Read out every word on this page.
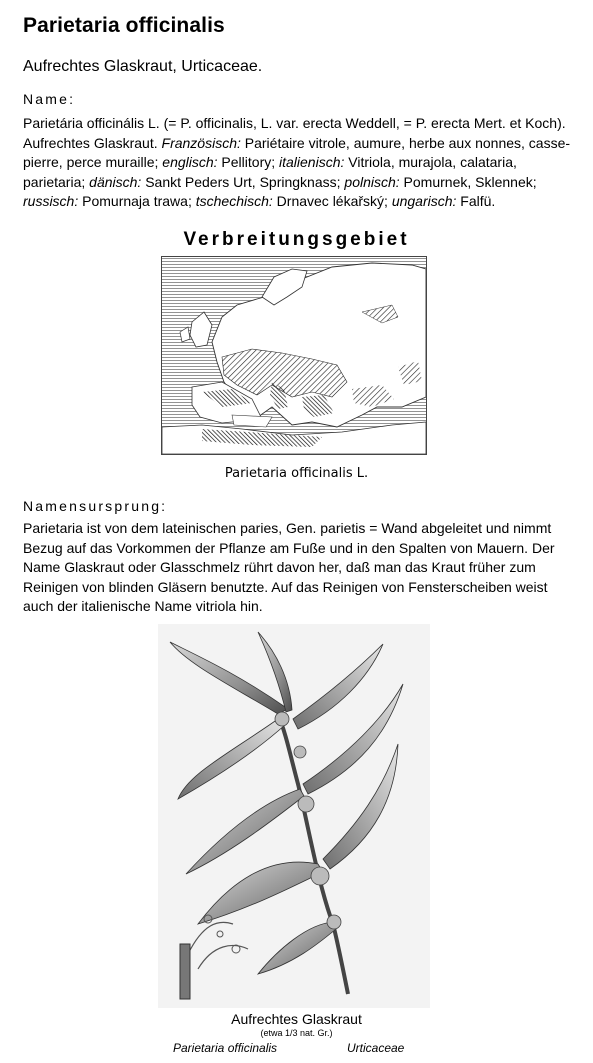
Parietaria officinalis
Aufrechtes Glaskraut, Urticaceae.
Name:
Parietária officinális L. (= P. officinalis, L. var. erecta Weddell, = P. erecta Mert. et Koch). Aufrechtes Glaskraut. Französisch: Pariétaire vitrole, aumure, herbe aux nonnes, casse-pierre, perce muraille; englisch: Pellitory; italienisch: Vitriola, murajola, calataria, parietaria; dänisch: Sankt Peders Urt, Springknass; polnisch: Pomurnek, Sklennek; russisch: Pomurnaja trawa; tschechisch: Drnavec lékařský; ungarisch: Falfü.
Verbreitungsgebiet
Parietaria officinalis L.
Namensursprung:
Parietaria ist von dem lateinischen paries, Gen. parietis = Wand abgeleitet und nimmt Bezug auf das Vorkommen der Pflanze am Fuße und in den Spalten von Mauern. Der Name Glaskraut oder Glasschmelz rührt davon her, daß man das Kraut früher zum Reinigen von blinden Gläsern benutzte. Auf das Reinigen von Fensterscheiben weist auch der italienische Name vitriola hin.
Aufrechtes Glaskraut
(etwa 1/3 nat. Gr.)
Parietaria officinalis	Urticaceae
